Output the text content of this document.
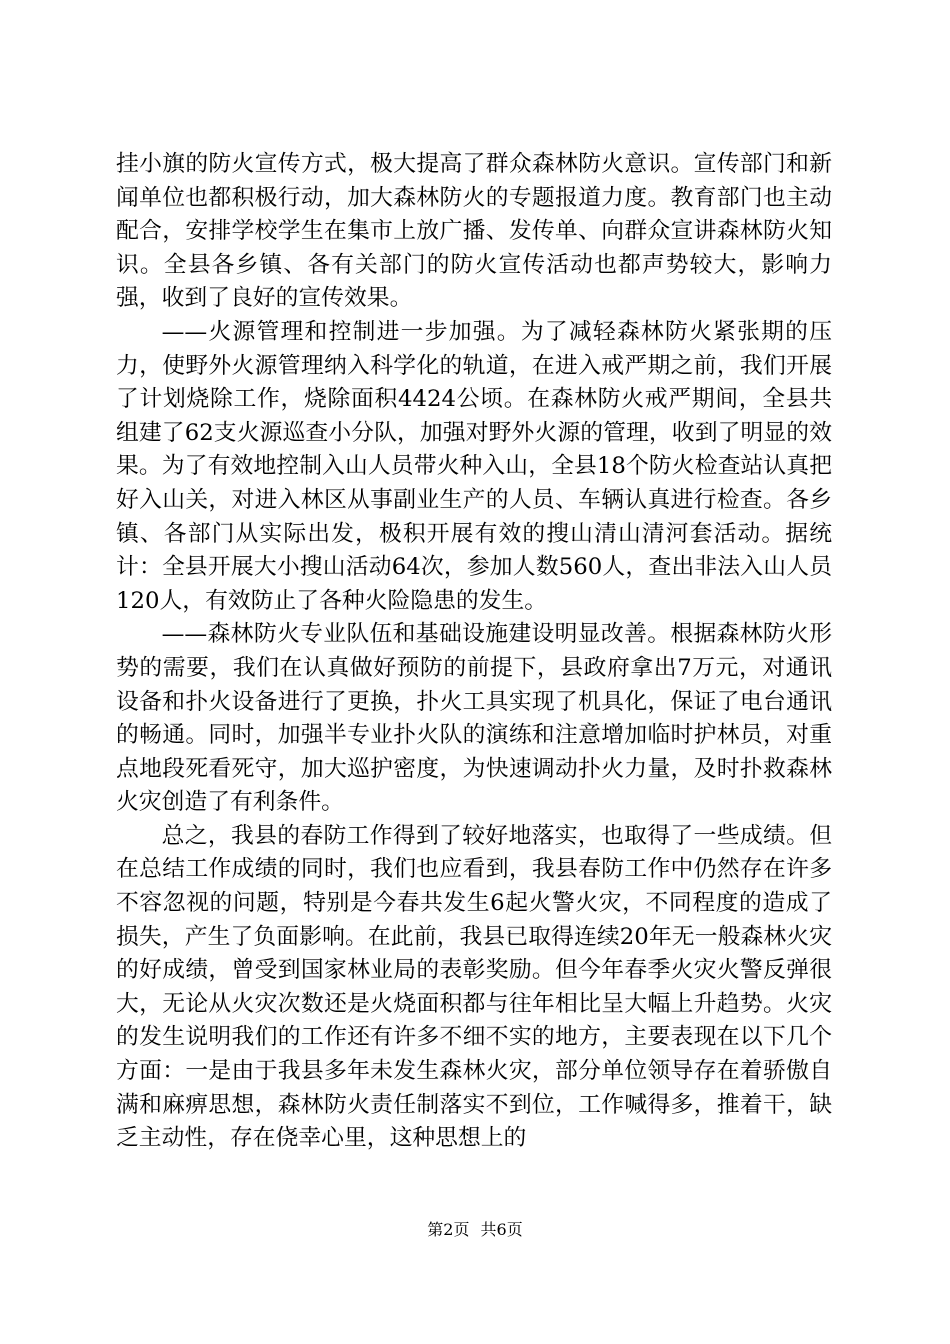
挂小旗的防火宣传方式，极大提高了群众森林防火意识。宣传部门和新闻单位也都积极行动，加大森林防火的专题报道力度。教育部门也主动配合，安排学校学生在集市上放广播、发传单、向群众宣讲森林防火知识。全县各乡镇、各有关部门的防火宣传活动也都声势较大，影响力强，收到了良好的宣传效果。

——火源管理和控制进一步加强。为了减轻森林防火紧张期的压力，使野外火源管理纳入科学化的轨道，在进入戒严期之前，我们开展了计划烧除工作，烧除面积4424公顷。在森林防火戒严期间，全县共组建了62支火源巡查小分队，加强对野外火源的管理，收到了明显的效果。为了有效地控制入山人员带火种入山，全县18个防火检查站认真把好入山关，对进入林区从事副业生产的人员、车辆认真进行检查。各乡镇、各部门从实际出发，极积开展有效的搜山清山清河套活动。据统计：全县开展大小搜山活动64次，参加人数560人，查出非法入山人员120人，有效防止了各种火险隐患的发生。

——森林防火专业队伍和基础设施建设明显改善。根据森林防火形势的需要，我们在认真做好预防的前提下，县政府拿出7万元，对通讯设备和扑火设备进行了更换，扑火工具实现了机具化，保证了电台通讯的畅通。同时，加强半专业扑火队的演练和注意增加临时护林员，对重点地段死看死守，加大巡护密度，为快速调动扑火力量，及时扑救森林火灾创造了有利条件。

总之，我县的春防工作得到了较好地落实，也取得了一些成绩。但在总结工作成绩的同时，我们也应看到，我县春防工作中仍然存在许多不容忽视的问题，特别是今春共发生6起火警火灾，不同程度的造成了损失，产生了负面影响。在此前，我县已取得连续20年无一般森林火灾的好成绩，曾受到国家林业局的表彰奖励。但今年春季火灾火警反弹很大，无论从火灾次数还是火烧面积都与往年相比呈大幅上升趋势。火灾的发生说明我们的工作还有许多不细不实的地方，主要表现在以下几个方面：一是由于我县多年未发生森林火灾，部分单位领导存在着骄傲自满和麻痹思想，森林防火责任制落实不到位，工作喊得多，推着干，缺乏主动性，存在侥幸心里，这种思想上的

第2页 共6页
